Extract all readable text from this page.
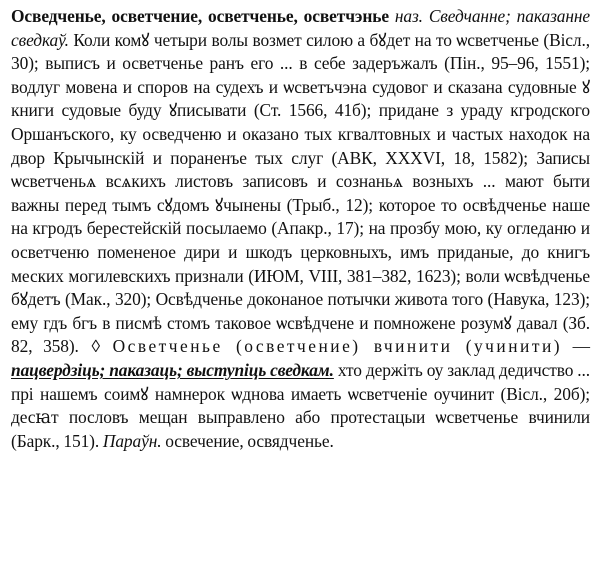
Осведченье, осветчение, осветченье, осветчэнье наз. Сведчанне; паказанне сведкаў. Коли комꙋ четыри волы возмет силою а бꙋдет на то ѡсветченье (Вісл., 30); выписъ и осветченье ранъ его ... в себе задеръжалъ (Пін., 95–96, 1551); водлуг мовена и споров на судехъ и ѡсветъчэна судовог и сказана судовные ꙋ книги судовые буду ꙋписывати (Ст. 1566, 41б); придане з ураду кгродского Оршанъского, ку осведченю и оказано тых кгвалтовных и частых находок на двор Крычынскій и пораненъе тых слуг (АВК, XXXVI, 18, 1582); Записы ѡсветченьѧ всѧкихъ листовъ записовъ и сознаньѧ возныхъ ... мают быти важны перед тымъ сꙋдомъ ꙋчынены (Трыб., 12); которое то освѣдченье наше на кгродъ берестейскій посылаемо (Апакр., 17); на прозбу мою, ку огледаню и осветченю помененое дири и шкодъ церковныхъ, имъ приданые, до книгъ меских могилевскихъ признали (ИЮМ, VIII, 381–382, 1623); воли ѡсвѣдченье бꙋдетъ (Мак., 320); Освѣдченье доконаное потычки живота того (Навука, 123); ему гдъ бгъ в писмѣ стомъ таковое ѡсвѣдчене и помножене розумꙋ давал (Зб. 82, 358). ◊ Осветченье (осветчение) вчинити (учинити) — пацвердзіць; паказаць; выступіць сведкам. хто держіть оу заклад дедичство ... прі нашемъ соимꙋ намнерок ѡднова имаеть ѡсветченіе оучинит (Вісл., 20б); десꙗт пословъ мещан выправлено або протестацыи ѡсветченье вчинили (Барк., 151). Параўн. освечение, освядченье.
